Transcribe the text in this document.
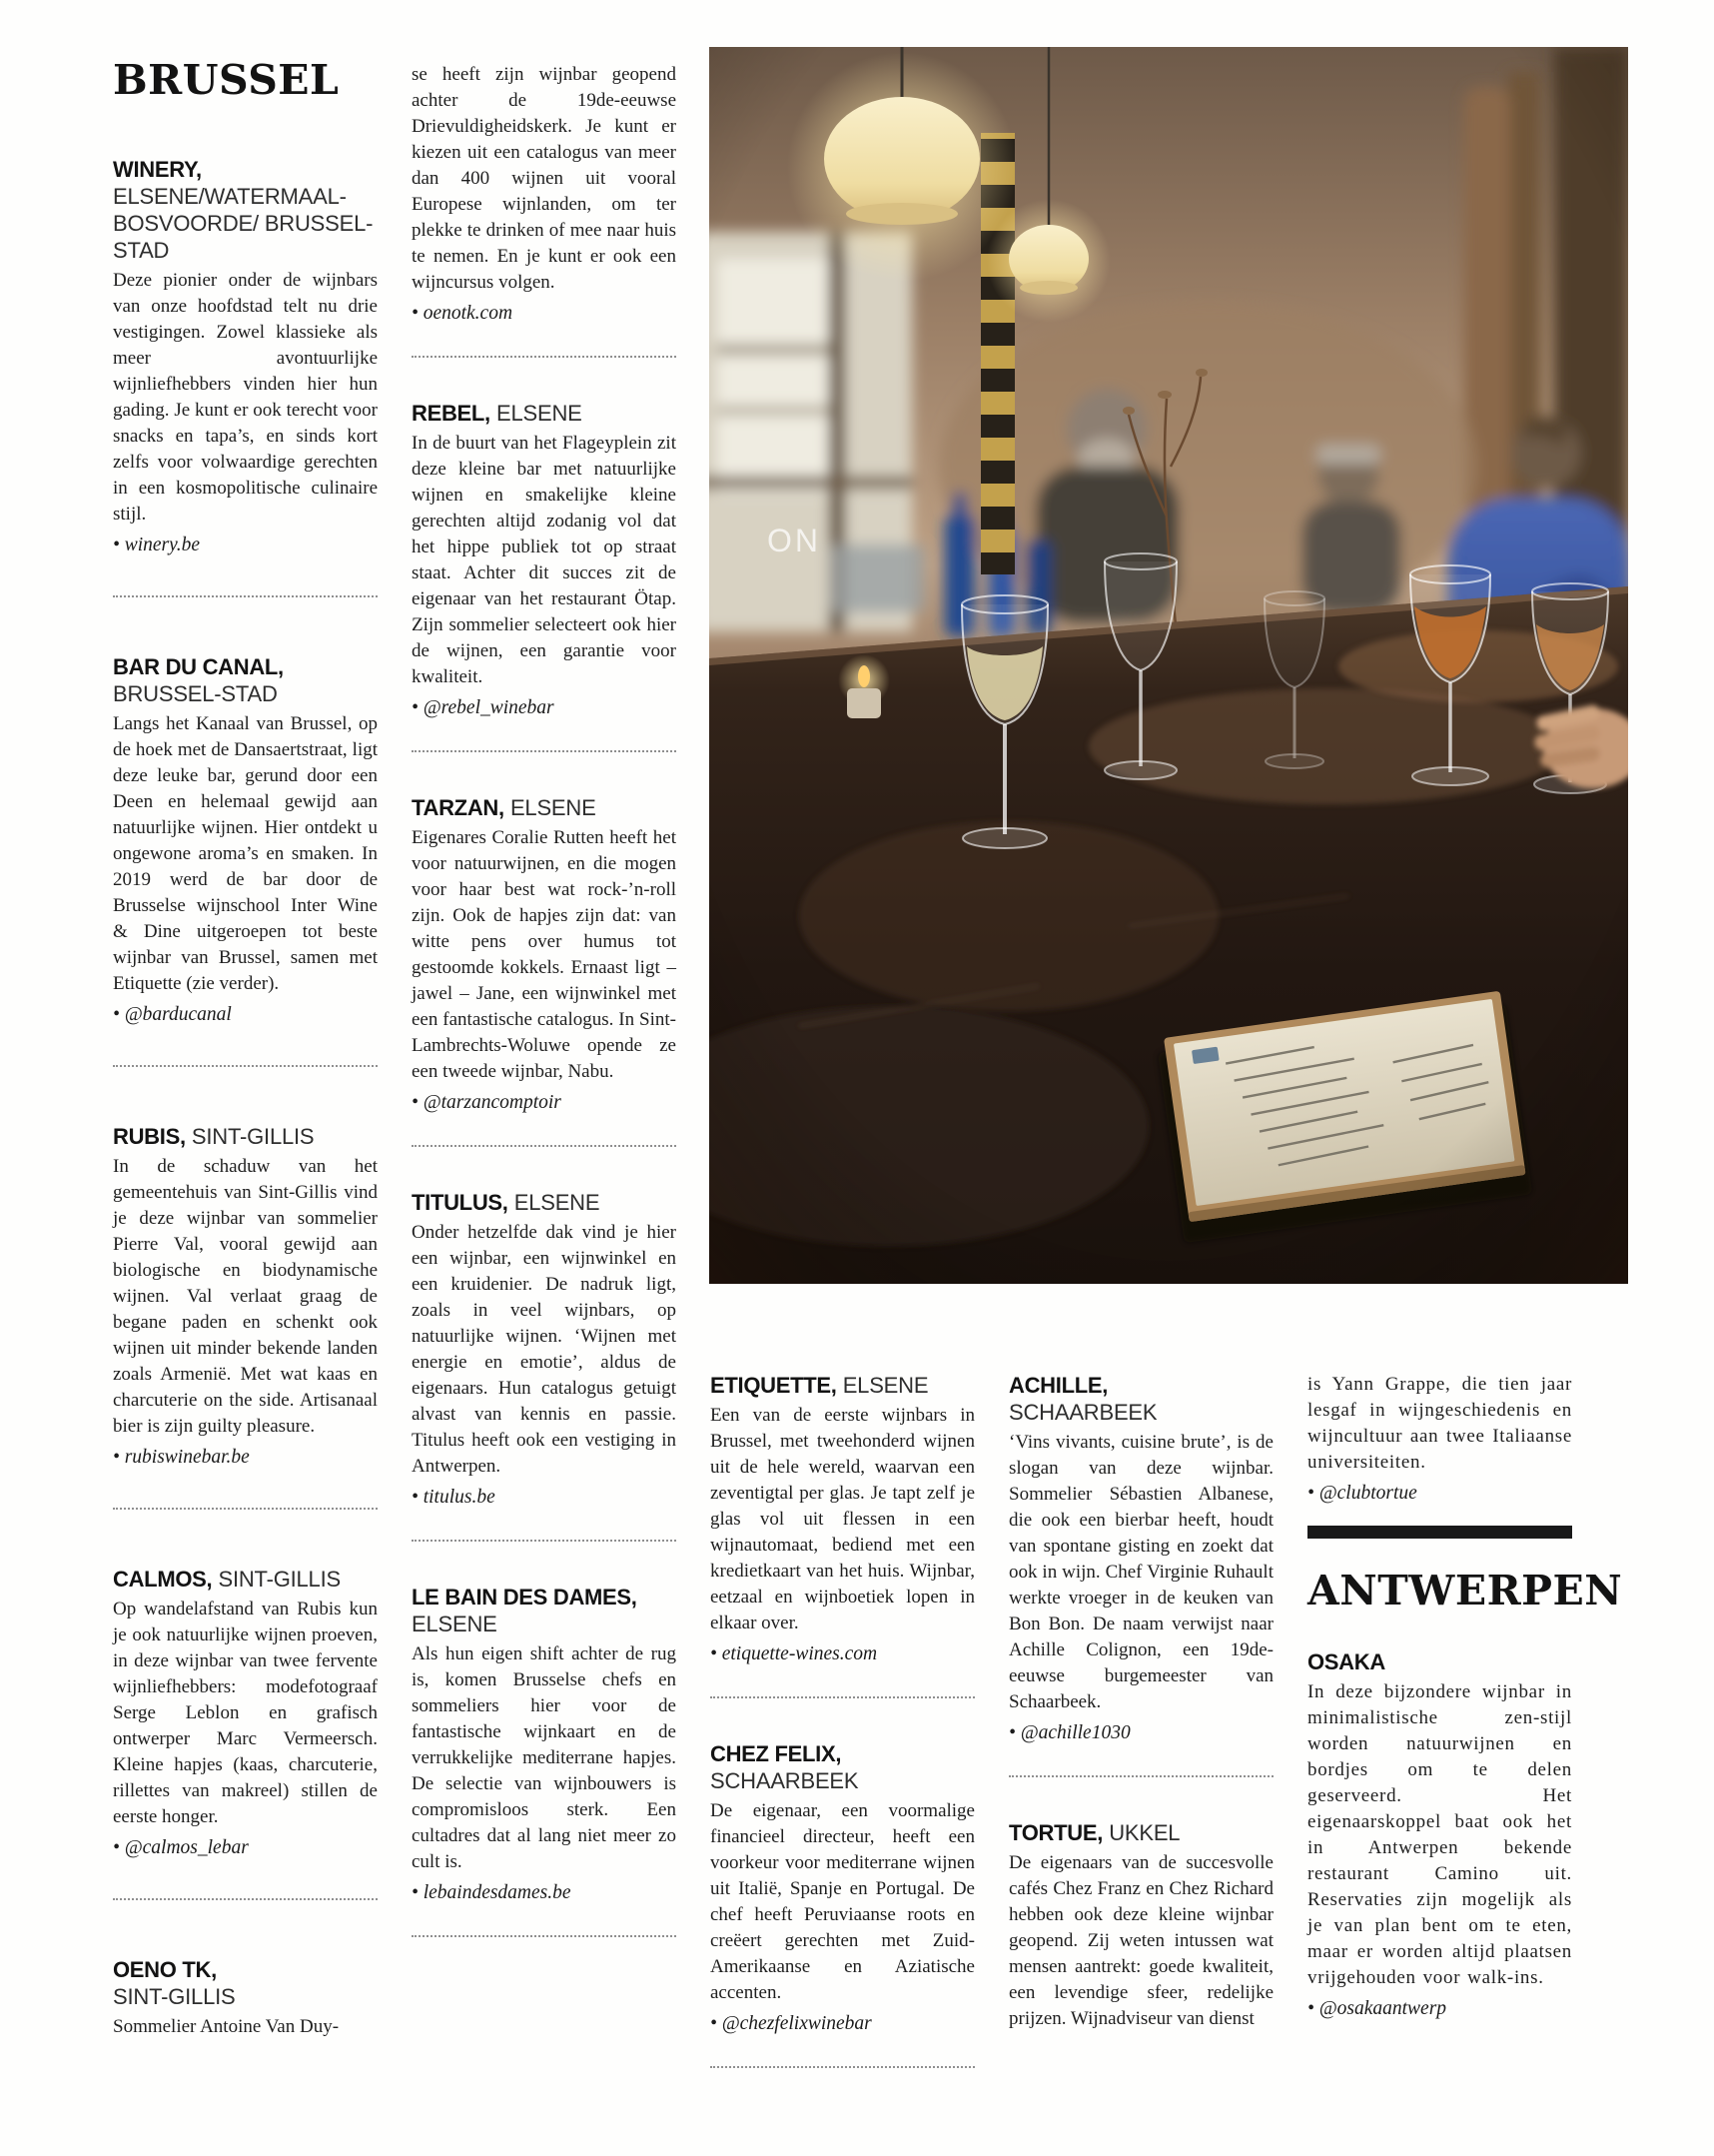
BRUSSEL
WINERY,
ELSENE/WATERMAAL-BOSVOORDE/ BRUSSEL-STAD

Deze pionier onder de wijnbars van onze hoofdstad telt nu drie vestigingen. Zowel klassieke als meer avontuurlijke wijnliefhebbers vinden hier hun gading. Je kunt er ook terecht voor snacks en tapa’s, en sinds kort zelfs voor volwaardige gerechten in een kosmopolitische culinaire stijl.

• winery.be

BAR DU CANAL,
BRUSSEL-STAD

Langs het Kanaal van Brussel, op de hoek met de Dansaertstraat, ligt deze leuke bar, gerund door een Deen en helemaal gewijd aan natuurlijke wijnen. Hier ontdekt u ongewone aroma’s en smaken. In 2019 werd de bar door de Brusselse wijnschool Inter Wine & Dine uitgeroepen tot beste wijnbar van Brussel, samen met Etiquette (zie verder).

• @barducanal

RUBIS, SINT-GILLIS

In de schaduw van het gemeentehuis van Sint-Gillis vind je deze wijnbar van sommelier Pierre Val, vooral gewijd aan biologische en biodynamische wijnen. Val verlaat graag de begane paden en schenkt ook wijnen uit minder bekende landen zoals Armenië. Met wat kaas en charcuterie on the side. Artisanaal bier is zijn guilty pleasure.

• rubiswinebar.be

CALMOS, SINT-GILLIS

Op wandelafstand van Rubis kun je ook natuurlijke wijnen proeven, in deze wijnbar van twee fervente wijnliefhebbers: modefotograaf Serge Leblon en grafisch ontwerper Marc Vermeersch. Kleine hapjes (kaas, charcuterie, rillettes van makreel) stillen de eerste honger.

• @calmos_lebar

OENO TK,
SINT-GILLIS

Sommelier Antoine Van Duy-

se heeft zijn wijnbar geopend achter de 19de-eeuwse Drievuldigheidskerk. Je kunt er kiezen uit een catalogus van meer dan 400 wijnen uit vooral Europese wijnlanden, om ter plekke te drinken of mee naar huis te nemen. En je kunt er ook een wijncursus volgen.

• oenotk.com

REBEL, ELSENE

In de buurt van het Flageyplein zit deze kleine bar met natuurlijke wijnen en smakelijke kleine gerechten altijd zodanig vol dat het hippe publiek tot op straat staat. Achter dit succes zit de eigenaar van het restaurant Ötap. Zijn sommelier selecteert ook hier de wijnen, een garantie voor kwaliteit.

• @rebel_winebar

TARZAN, ELSENE

Eigenares Coralie Rutten heeft het voor natuurwijnen, en die mogen voor haar best wat rock-’n-roll zijn. Ook de hapjes zijn dat: van witte pens over humus tot gestoomde kokkels. Ernaast ligt – jawel – Jane, een wijnwinkel met een fantastische catalogus. In Sint-Lambrechts-Woluwe opende ze een tweede wijnbar, Nabu.

• @tarzancomptoir

TITULUS, ELSENE

Onder hetzelfde dak vind je hier een wijnbar, een wijnwinkel en een kruidenier. De nadruk ligt, zoals in veel wijnbars, op natuurlijke wijnen. ‘Wijnen met energie en emotie’, aldus de eigenaars. Hun catalogus getuigt alvast van kennis en passie. Titulus heeft ook een vestiging in Antwerpen.

• titulus.be

LE BAIN DES DAMES,
ELSENE

Als hun eigen shift achter de rug is, komen Brusselse chefs en sommeliers hier voor de fantastische wijnkaart en de verrukkelijke mediterrane hapjes. De selectie van wijnbouwers is compromisloos sterk. Een cultadres dat al lang niet meer zo cult is.

• lebaindesdames.be

ETIQUETTE, ELSENE

Een van de eerste wijnbars in Brussel, met tweehonderd wijnen uit de hele wereld, waarvan een zeventigtal per glas. Je tapt zelf je glas vol uit flessen in een wijnautomaat, bediend met een kredietkaart van het huis. Wijnbar, eetzaal en wijnboetiek lopen in elkaar over.

• etiquette-wines.com

CHEZ FELIX,
SCHAARBEEK

De eigenaar, een voormalige financieel directeur, heeft een voorkeur voor mediterrane wijnen uit Italië, Spanje en Portugal. De chef heeft Peruviaanse roots en creëert gerechten met Zuid-Amerikaanse en Aziatische accenten.

• @chezfelixwinebar

ACHILLE,
SCHAARBEEK

‘Vins vivants, cuisine brute’, is de slogan van deze wijnbar. Sommelier Sébastien Albanese, die ook een bierbar heeft, houdt van spontane gisting en zoekt dat ook in wijn. Chef Virginie Ruhault werkte vroeger in de keuken van Bon Bon. De naam verwijst naar Achille Colignon, een 19de-eeuwse burgemeester van Schaarbeek.

• @achille1030

TORTUE, UKKEL

De eigenaars van de succesvolle cafés Chez Franz en Chez Richard hebben ook deze kleine wijnbar geopend. Zij weten intussen wat mensen aantrekt: goede kwaliteit, een levendige sfeer, redelijke prijzen. Wijnadviseur van dienst

is Yann Grappe, die tien jaar lesgaf in wijngeschiedenis en wijncultuur aan twee Italiaanse universiteiten.

• @clubtortue

ANTWERPEN
OSAKA

In deze bijzondere wijnbar in minimalistische zen-stijl worden natuurwijnen en bordjes om te delen geserveerd. Het eigenaarskoppel baat ook het in Antwerpen bekende restaurant Camino uit. Reservaties zijn mogelijk als je van plan bent om te eten, maar er worden altijd plaatsen vrijgehouden voor walk-ins.

• @osakaantwerp
